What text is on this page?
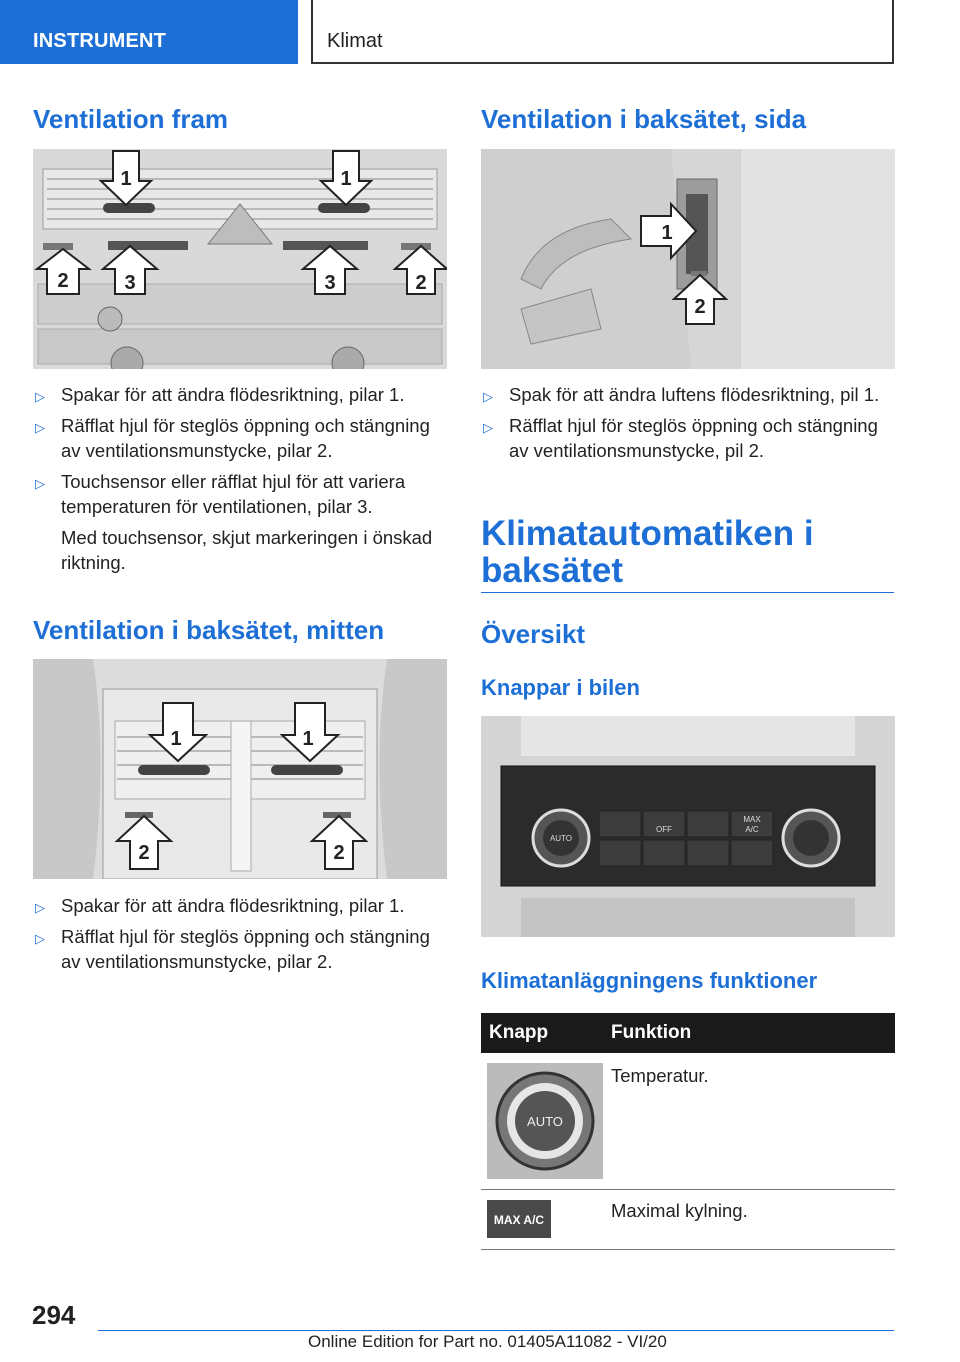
INSTRUMENT	Klimat
Ventilation fram
1	1
2	3	3	2
▷ Spakar för att ändra flödesriktning, pilar 1.
▷ Räfflat hjul för steglös öppning och stängning av ventilationsmunstycke, pilar 2.
▷ Touchsensor eller räfflat hjul för att variera temperaturen för ventilationen, pilar 3.

Med touchsensor, skjut markeringen i önskad riktning.

Ventilation i baksätet, mitten
1	1
2	2
▷ Spakar för att ändra flödesriktning, pilar 1.
▷ Räfflat hjul för steglös öppning och stängning av ventilationsmunstycke, pilar 2.
Ventilation i baksätet, sida
1
2
▷ Spak för att ändra luftens flödesriktning, pil 1.
▷ Räfflat hjul för steglös öppning och stängning av ventilationsmunstycke, pil 2.
Klimatautomatiken i baksätet
Översikt
Knappar i bilen
AUTO
MAX
A/C
OFF
Klimatanläggningens funktioner
Knapp	Funktion

AUTO	Temperatur.

MAX A/C	Maximal kylning.
294
Online Edition for Part no. 01405A11082 - VI/20
